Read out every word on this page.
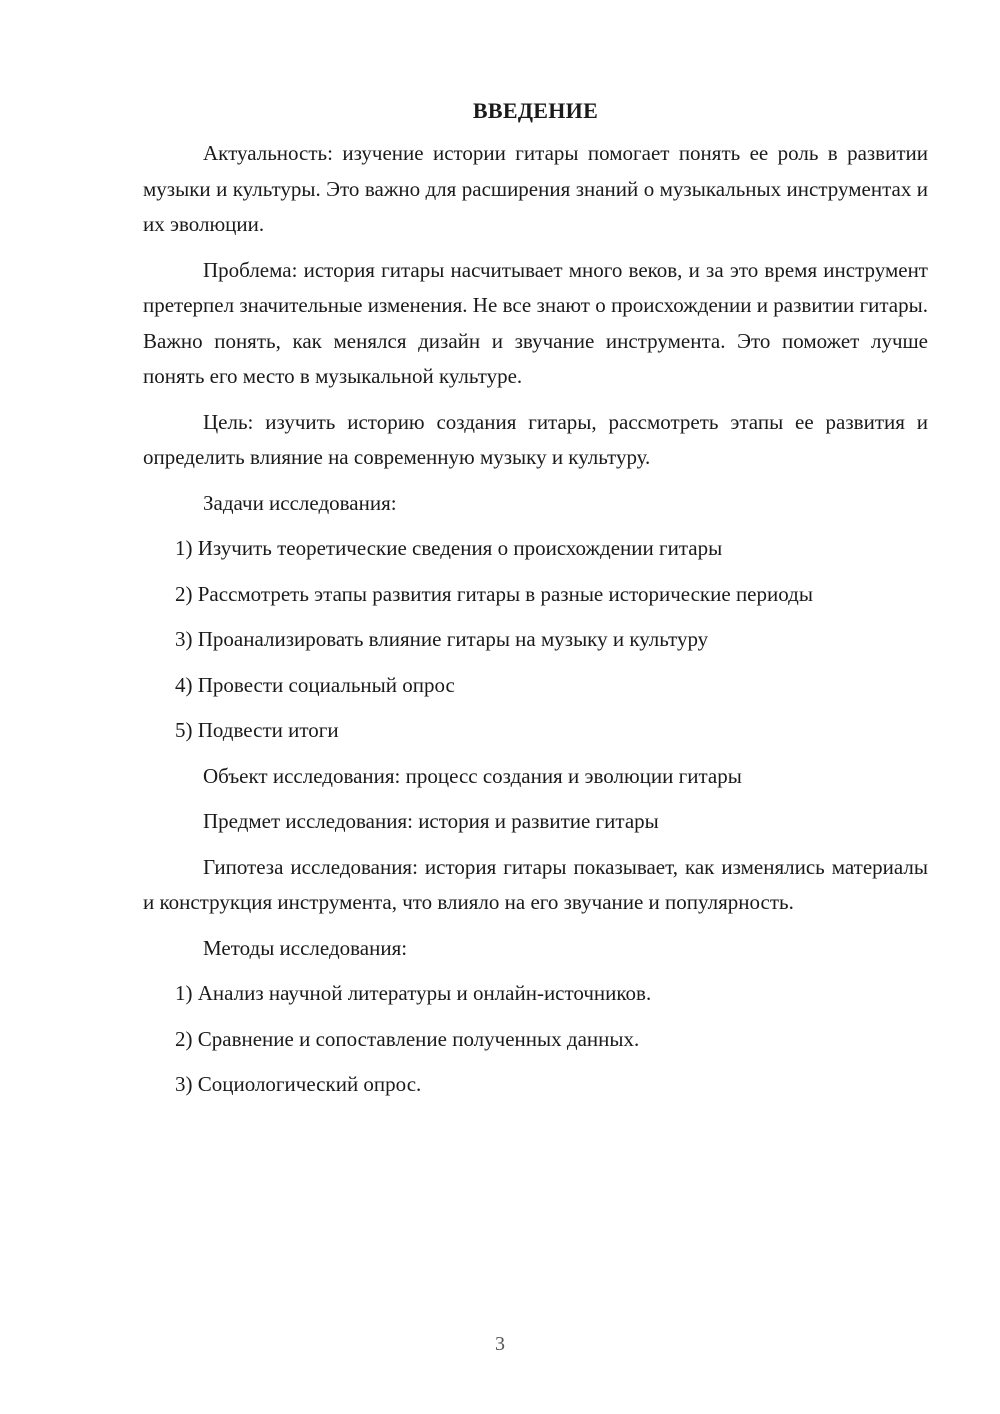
ВВЕДЕНИЕ

Актуальность: изучение истории гитары помогает понять ее роль в развитии музыки и культуры. Это важно для расширения знаний о музыкальных инструментах и их эволюции.

Проблема: история гитары насчитывает много веков, и за это время инструмент претерпел значительные изменения. Не все знают о происхождении и развитии гитары. Важно понять, как менялся дизайн и звучание инструмента. Это поможет лучше понять его место в музыкальной культуре.

Цель: изучить историю создания гитары, рассмотреть этапы ее развития и определить влияние на современную музыку и культуру.

Задачи исследования:

1) Изучить теоретические сведения о происхождении гитары

2) Рассмотреть этапы развития гитары в разные исторические периоды

3) Проанализировать влияние гитары на музыку и культуру

4) Провести социальный опрос

5) Подвести итоги

Объект исследования: процесс создания и эволюции гитары

Предмет исследования: история и развитие гитары

Гипотеза исследования: история гитары показывает, как изменялись материалы и конструкция инструмента, что влияло на его звучание и популярность.

Методы исследования:

1) Анализ научной литературы и онлайн-источников.

2) Сравнение и сопоставление полученных данных.

3) Социологический опрос.

3
